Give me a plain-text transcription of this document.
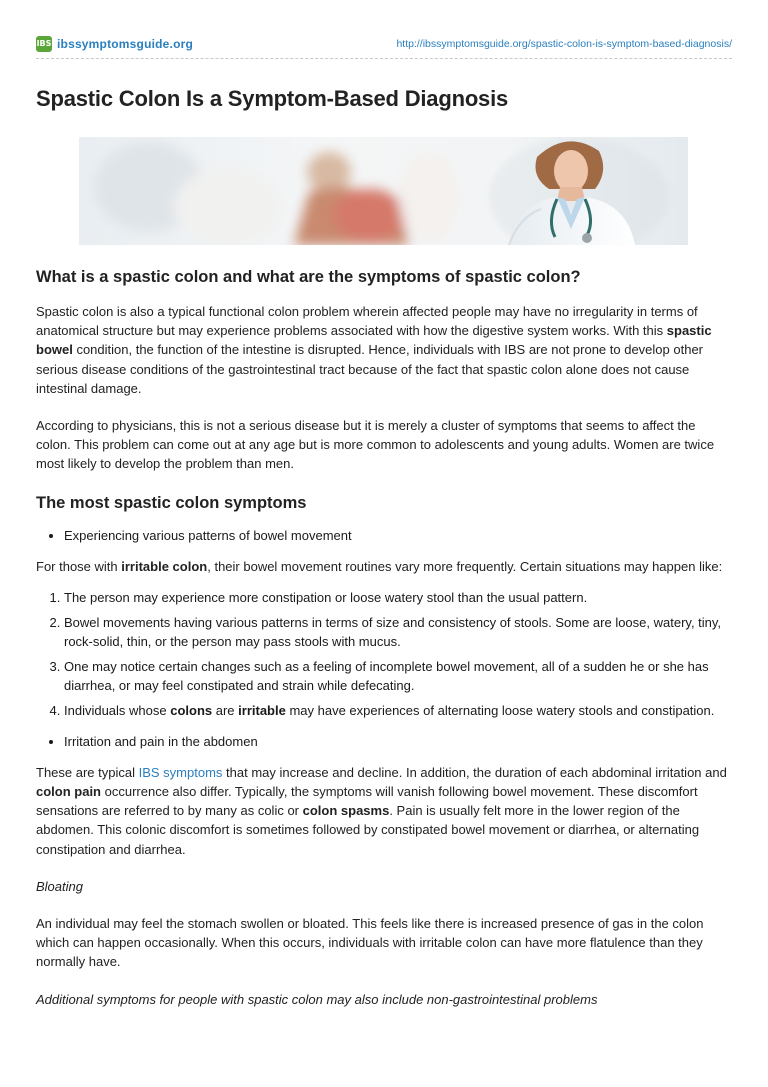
IBS ibssymptomsguide.org	http://ibssymptomsguide.org/spastic-colon-is-symptom-based-diagnosis/
Spastic Colon Is a Symptom-Based Diagnosis
What is a spastic colon and what are the symptoms of spastic colon?

Spastic colon is also a typical functional colon problem wherein affected people may have no irregularity in terms of anatomical structure but may experience problems associated with how the digestive system works. With this spastic bowel condition, the function of the intestine is disrupted. Hence, individuals with IBS are not prone to develop other serious disease conditions of the gastrointestinal tract because of the fact that spastic colon alone does not cause intestinal damage.

According to physicians, this is not a serious disease but it is merely a cluster of symptoms that seems to affect the colon. This problem can come out at any age but is more common to adolescents and young adults. Women are twice most likely to develop the problem than men.

The most spastic colon symptoms
• Experiencing various patterns of bowel movement

For those with irritable colon, their bowel movement routines vary more frequently. Certain situations may happen like:

1. The person may experience more constipation or loose watery stool than the usual pattern.
2. Bowel movements having various patterns in terms of size and consistency of stools. Some are loose, watery, tiny, rock-solid, thin, or the person may pass stools with mucus.
3. One may notice certain changes such as a feeling of incomplete bowel movement, all of a sudden he or she has diarrhea, or may feel constipated and strain while defecating.
4. Individuals whose colons are irritable may have experiences of alternating loose watery stools and constipation.
• Irritation and pain in the abdomen

These are typical IBS symptoms that may increase and decline. In addition, the duration of each abdominal irritation and colon pain occurrence also differ. Typically, the symptoms will vanish following bowel movement. These discomfort sensations are referred to by many as colic or colon spasms. Pain is usually felt more in the lower region of the abdomen. This colonic discomfort is sometimes followed by constipated bowel movement or diarrhea, or alternating constipation and diarrhea.

Bloating

An individual may feel the stomach swollen or bloated. This feels like there is increased presence of gas in the colon which can happen occasionally. When this occurs, individuals with irritable colon can have more flatulence than they normally have.

Additional symptoms for people with spastic colon may also include non-gastrointestinal problems
